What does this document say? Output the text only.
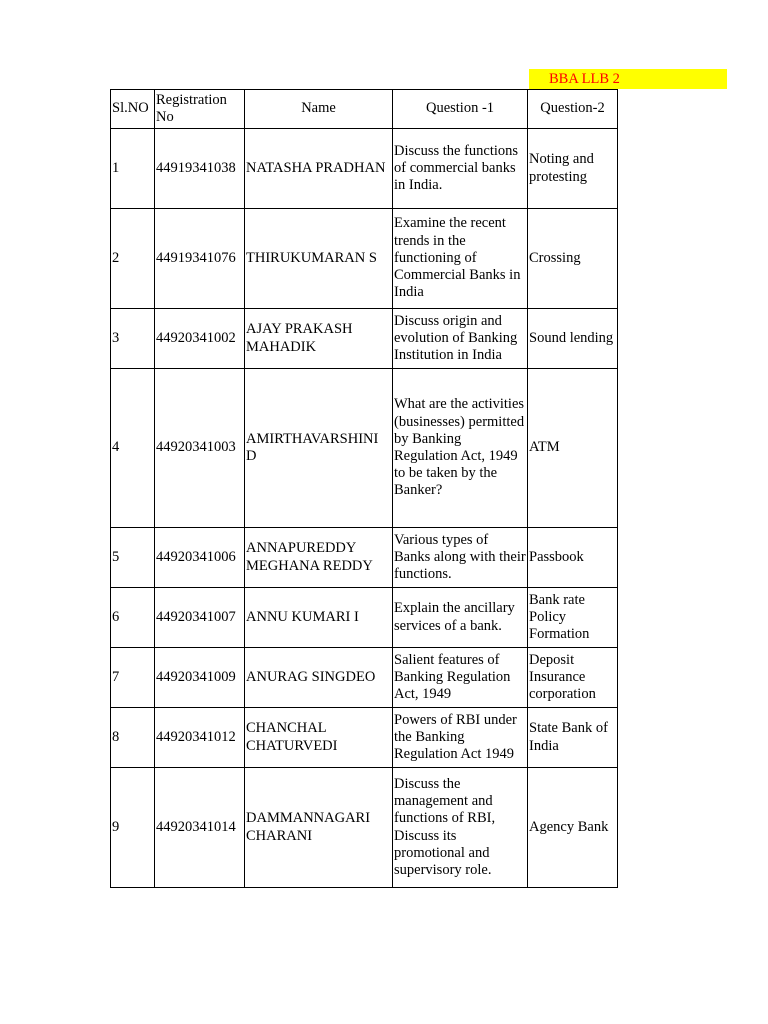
BBA LLB 2
Sl.NO	Registration No	Name	Question -1	Question-2
1	44919341038	NATASHA PRADHAN	Discuss the functions of commercial banks in India.	Noting and protesting
2	44919341076	THIRUKUMARAN S	Examine the recent trends in the functioning of Commercial Banks in India	Crossing
3	44920341002	AJAY PRAKASH MAHADIK	Discuss origin and evolution of Banking Institution in India	Sound lending
4	44920341003	AMIRTHAVARSHINI D	What are the activities (businesses) permitted by Banking Regulation Act, 1949 to be taken by the Banker?	ATM
5	44920341006	ANNAPUREDDY MEGHANA REDDY	Various types of Banks along with their functions.	Passbook
6	44920341007	ANNU KUMARI I	Explain the ancillary services of a bank.	Bank rate Policy Formation
7	44920341009	ANURAG SINGDEO	Salient features of Banking Regulation Act, 1949	Deposit Insurance corporation
8	44920341012	CHANCHAL CHATURVEDI	Powers of RBI under the Banking Regulation Act 1949	State Bank of India
9	44920341014	DAMMANNAGARI CHARANI	Discuss the management and functions of RBI, Discuss its promotional and supervisory role.	Agency Bank
